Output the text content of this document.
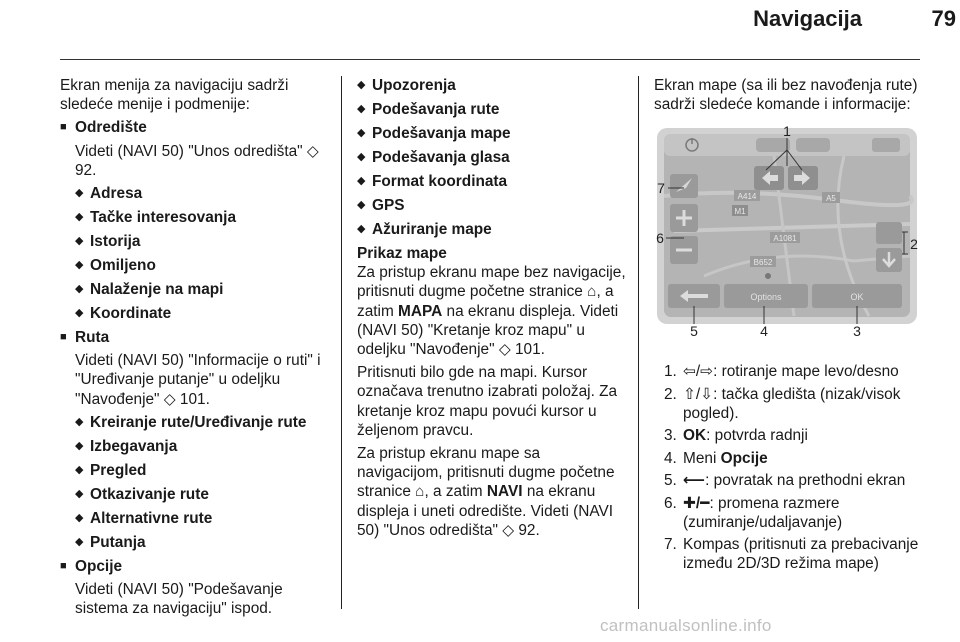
Navigacija	79

Ekran menija za navigaciju sadrži sledeće menije i podmenije:

■ Odredište

Videti (NAVI 50) "Unos odredišta" ◇ 92.

◆ Adresa
◆ Tačke interesovanja
◆ Istorija
◆ Omiljeno
◆ Nalaženje na mapi
◆ Koordinate
■ Ruta

Videti (NAVI 50) "Informacije o ruti" i "Uređivanje putanje" u odeljku "Navođenje" ◇ 101.

◆ Kreiranje rute/Uređivanje rute
◆ Izbegavanja
◆ Pregled
◆ Otkazivanje rute
◆ Alternativne rute
◆ Putanja
■ Opcije

Videti (NAVI 50) "Podešavanje sistema za navigaciju" ispod.

◆ Upozorenja
◆ Podešavanja rute
◆ Podešavanja mape
◆ Podešavanja glasa
◆ Format koordinata
◆ GPS
◆ Ažuriranje mape

Prikaz mape

Za pristup ekranu mape bez navigacije, pritisnuti dugme početne stranice ⌂, a zatim MAPA na ekranu displeja. Videti (NAVI 50) "Kretanje kroz mapu" u odeljku "Navođenje" ◇ 101.

Pritisnuti bilo gde na mapi. Kursor označava trenutno izabrati položaj. Za kretanje kroz mapu povući kursor u željenom pravcu.

Za pristup ekranu mape sa navigacijom, pritisnuti dugme početne stranice ⌂, a zatim NAVI na ekranu displeja i uneti odredište. Videti (NAVI 50) "Unos odredišta" ◇ 92.

Ekran mape (sa ili bez navođenja rute) sadrži sledeće komande i informacije:

A414
M1
A5
A1081
B652
Options	OK
1
2
3
4
5
6
7
1. ⇦/⇨: rotiranje mape levo/desno
2. ⇧/⇩: tačka gledišta (nizak/visok pogled).
3. OK: potvrda radnji
4. Meni Opcije
5. ⟵: povratak na prethodni ekran
6. ✚/━: promena razmere (zumiranje/udaljavanje)
7. Kompas (pritisnuti za prebacivanje između 2D/3D režima mape)
carmanualsonline.info
